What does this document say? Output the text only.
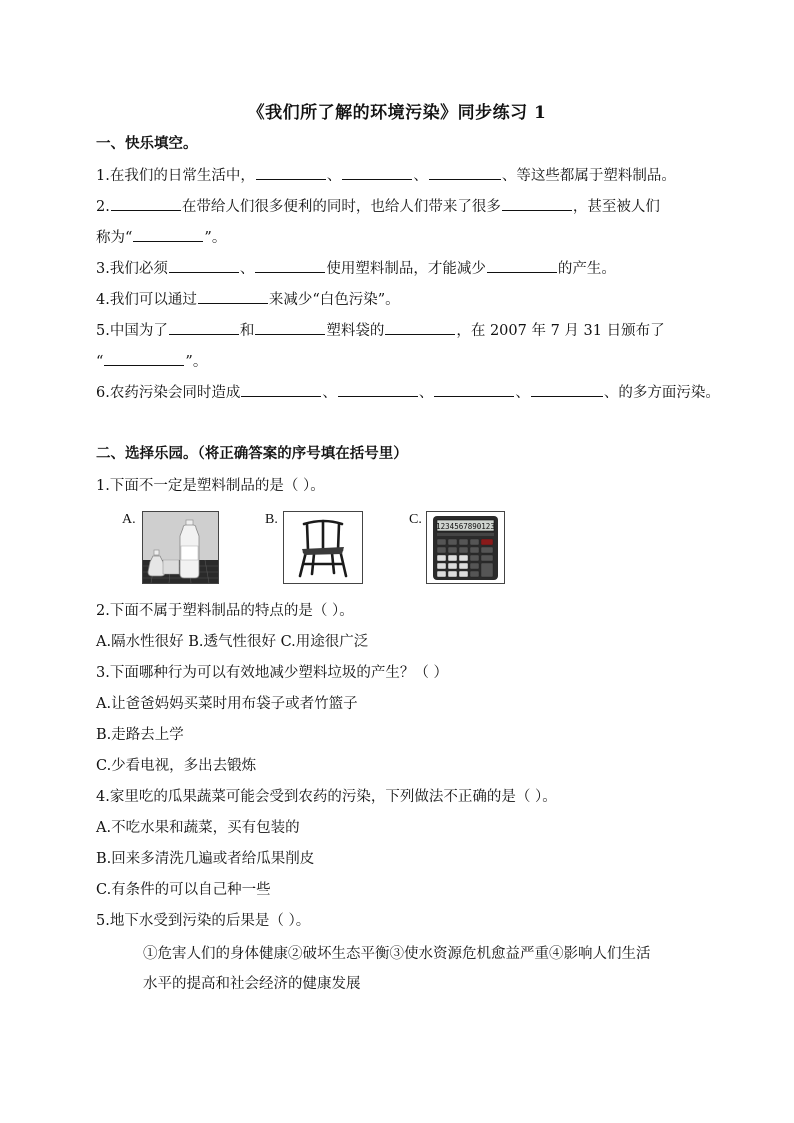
《我们所了解的环境污染》同步练习 1
一、快乐填空。
1.在我们的日常生活中，	、	、	、等这些都属于塑料制品。
2.	在带给人们很多便利的同时，也给人们带来了很多	，甚至被人们
称为“	”。
3.我们必须	、	使用塑料制品，才能减少	的产生。
4.我们可以通过	来减少“白色污染”。
5.中国为了	和	塑料袋的	，在 2007 年 7 月 31 日颁布了
“	”。
6.农药污染会同时造成	、	、	、	、的多方面污染。
二、选择乐园。（将正确答案的序号填在括号里）
1.下面不一定是塑料制品的是（ ）。
A.	B.	C. 1234567890123
2.下面不属于塑料制品的特点的是（ ）。
A.隔水性很好 B.透气性很好 C.用途很广泛
3.下面哪种行为可以有效地减少塑料垃圾的产生？（ ）
A.让爸爸妈妈买菜时用布袋子或者竹篮子
B.走路去上学
C.少看电视，多出去锻炼
4.家里吃的瓜果蔬菜可能会受到农药的污染，下列做法不正确的是（ ）。
A.不吃水果和蔬菜，买有包装的
B.回来多清洗几遍或者给瓜果削皮
C.有条件的可以自己种一些
5.地下水受到污染的后果是（ ）。
①危害人们的身体健康②破坏生态平衡③使水资源危机愈益严重④影响人们生活
水平的提高和社会经济的健康发展
